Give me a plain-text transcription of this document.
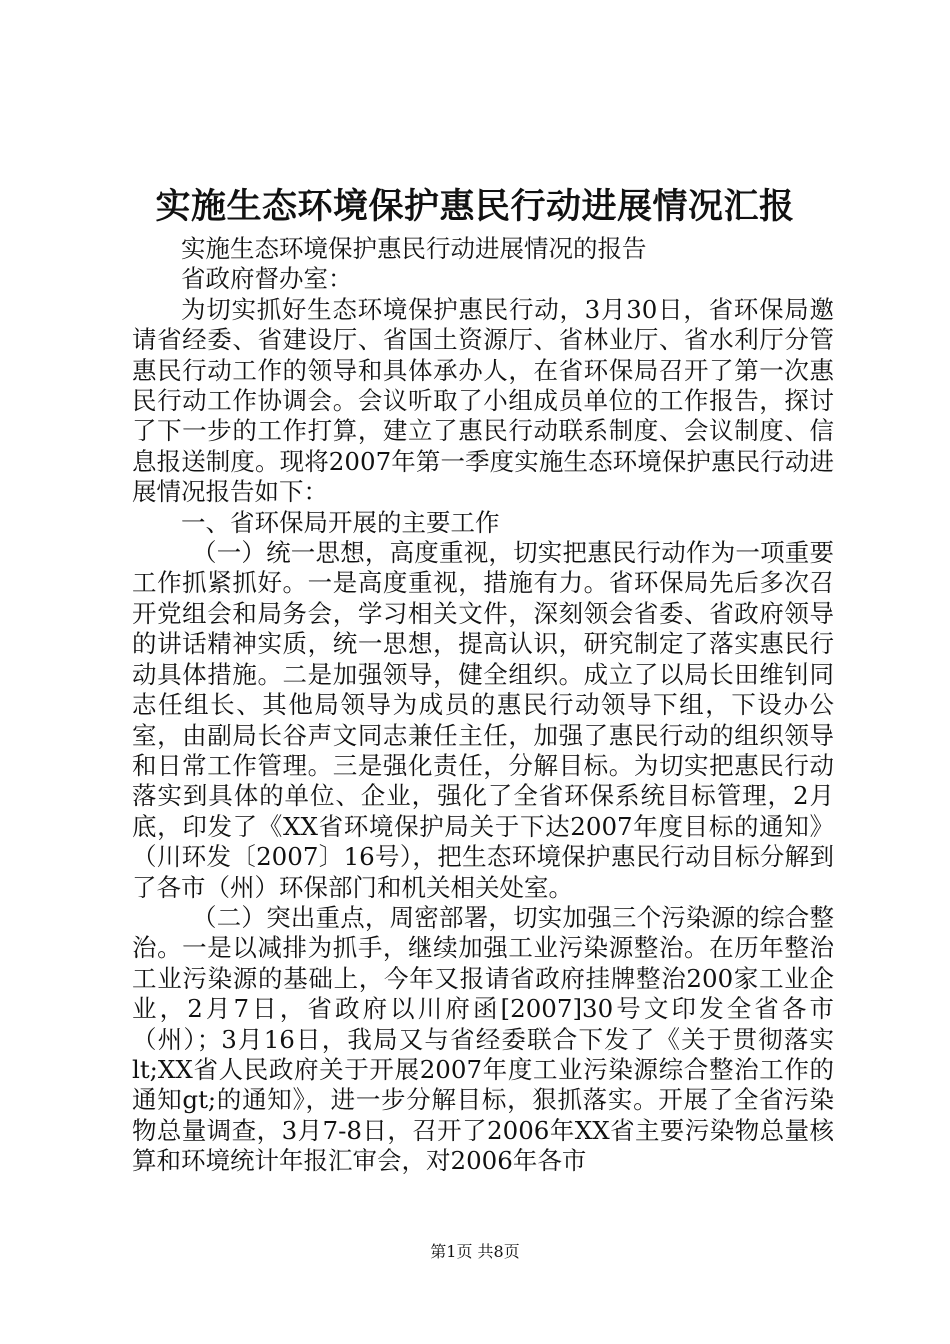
实施生态环境保护惠民行动进展情况汇报

实施生态环境保护惠民行动进展情况的报告

省政府督办室：

为切实抓好生态环境保护惠民行动，3月30日，省环保局邀请省经委、省建设厅、省国土资源厅、省林业厅、省水利厅分管惠民行动工作的领导和具体承办人，在省环保局召开了第一次惠民行动工作协调会。会议听取了小组成员单位的工作报告，探讨了下一步的工作打算，建立了惠民行动联系制度、会议制度、信息报送制度。现将2007年第一季度实施生态环境保护惠民行动进展情况报告如下：

一、省环保局开展的主要工作

（一）统一思想，高度重视，切实把惠民行动作为一项重要工作抓紧抓好。一是高度重视，措施有力。省环保局先后多次召开党组会和局务会，学习相关文件，深刻领会省委、省政府领导的讲话精神实质，统一思想，提高认识，研究制定了落实惠民行动具体措施。二是加强领导，健全组织。成立了以局长田维钊同志任组长、其他局领导为成员的惠民行动领导下组，下设办公室，由副局长谷声文同志兼任主任，加强了惠民行动的组织领导和日常工作管理。三是强化责任，分解目标。为切实把惠民行动落实到具体的单位、企业，强化了全省环保系统目标管理，2月底，印发了《XX省环境保护局关于下达2007年度目标的通知》（川环发〔2007〕16号），把生态环境保护惠民行动目标分解到了各市（州）环保部门和机关相关处室。

（二）突出重点，周密部署，切实加强三个污染源的综合整治。一是以减排为抓手，继续加强工业污染源整治。在历年整治工业污染源的基础上，今年又报请省政府挂牌整治200家工业企业，2月7日，省政府以川府函[2007]30号文印发全省各市（州）；3月16日，我局又与省经委联合下发了《关于贯彻落实lt;XX省人民政府关于开展2007年度工业污染源综合整治工作的通知gt;的通知》，进一步分解目标，狠抓落实。开展了全省污染物总量调查，3月7-8日，召开了2006年XX省主要污染物总量核算和环境统计年报汇审会，对2006年各市

第1页 共8页
